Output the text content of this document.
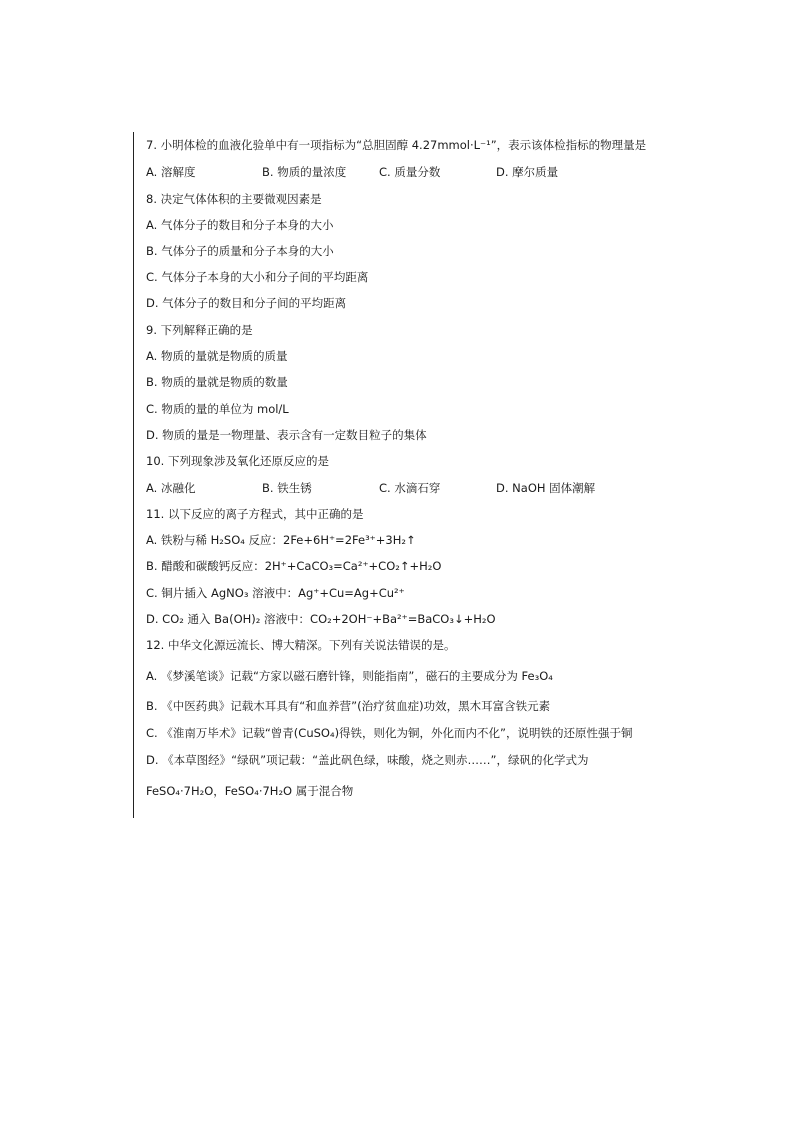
7. 小明体检的血液化验单中有一项指标为“总胆固醇 4.27mmol·L⁻¹”，表示该体检指标的物理量是
A. 溶解度	B. 物质的量浓度	C. 质量分数	D. 摩尔质量
8. 决定气体体积的主要微观因素是
A. 气体分子的数目和分子本身的大小
B. 气体分子的质量和分子本身的大小
C. 气体分子本身的大小和分子间的平均距离
D. 气体分子的数目和分子间的平均距离
9. 下列解释正确的是
A. 物质的量就是物质的质量
B. 物质的量就是物质的数量
C. 物质的量的单位为 mol/L
D. 物质的量是一物理量、表示含有一定数目粒子的集体
10. 下列现象涉及氧化还原反应的是
A. 冰融化	B. 铁生锈	C. 水滴石穿	D. NaOH 固体潮解
11. 以下反应的离子方程式，其中正确的是
A. 铁粉与稀 H₂SO₄ 反应：2Fe+6H⁺=2Fe³⁺+3H₂↑
B. 醋酸和碳酸钙反应：2H⁺+CaCO₃=Ca²⁺+CO₂↑+H₂O
C. 铜片插入 AgNO₃ 溶液中：Ag⁺+Cu=Ag+Cu²⁺
D. CO₂ 通入 Ba(OH)₂ 溶液中：CO₂+2OH⁻+Ba²⁺=BaCO₃↓+H₂O
12. 中华文化源远流长、博大精深。下列有关说法错误的是。
A. 《梦溪笔谈》记载“方家以磁石磨针锋，则能指南”，磁石的主要成分为 Fe₃O₄
B. 《中医药典》记载木耳具有“和血养营”(治疗贫血症)功效，黑木耳富含铁元素
C. 《淮南万毕术》记载“曾青(CuSO₄)得铁，则化为铜，外化而内不化”，说明铁的还原性强于铜
D. 《本草图经》“绿矾”项记载：“盖此矾色绿，味酸，烧之则赤……”，绿矾的化学式为
FeSO₄·7H₂O，FeSO₄·7H₂O 属于混合物
